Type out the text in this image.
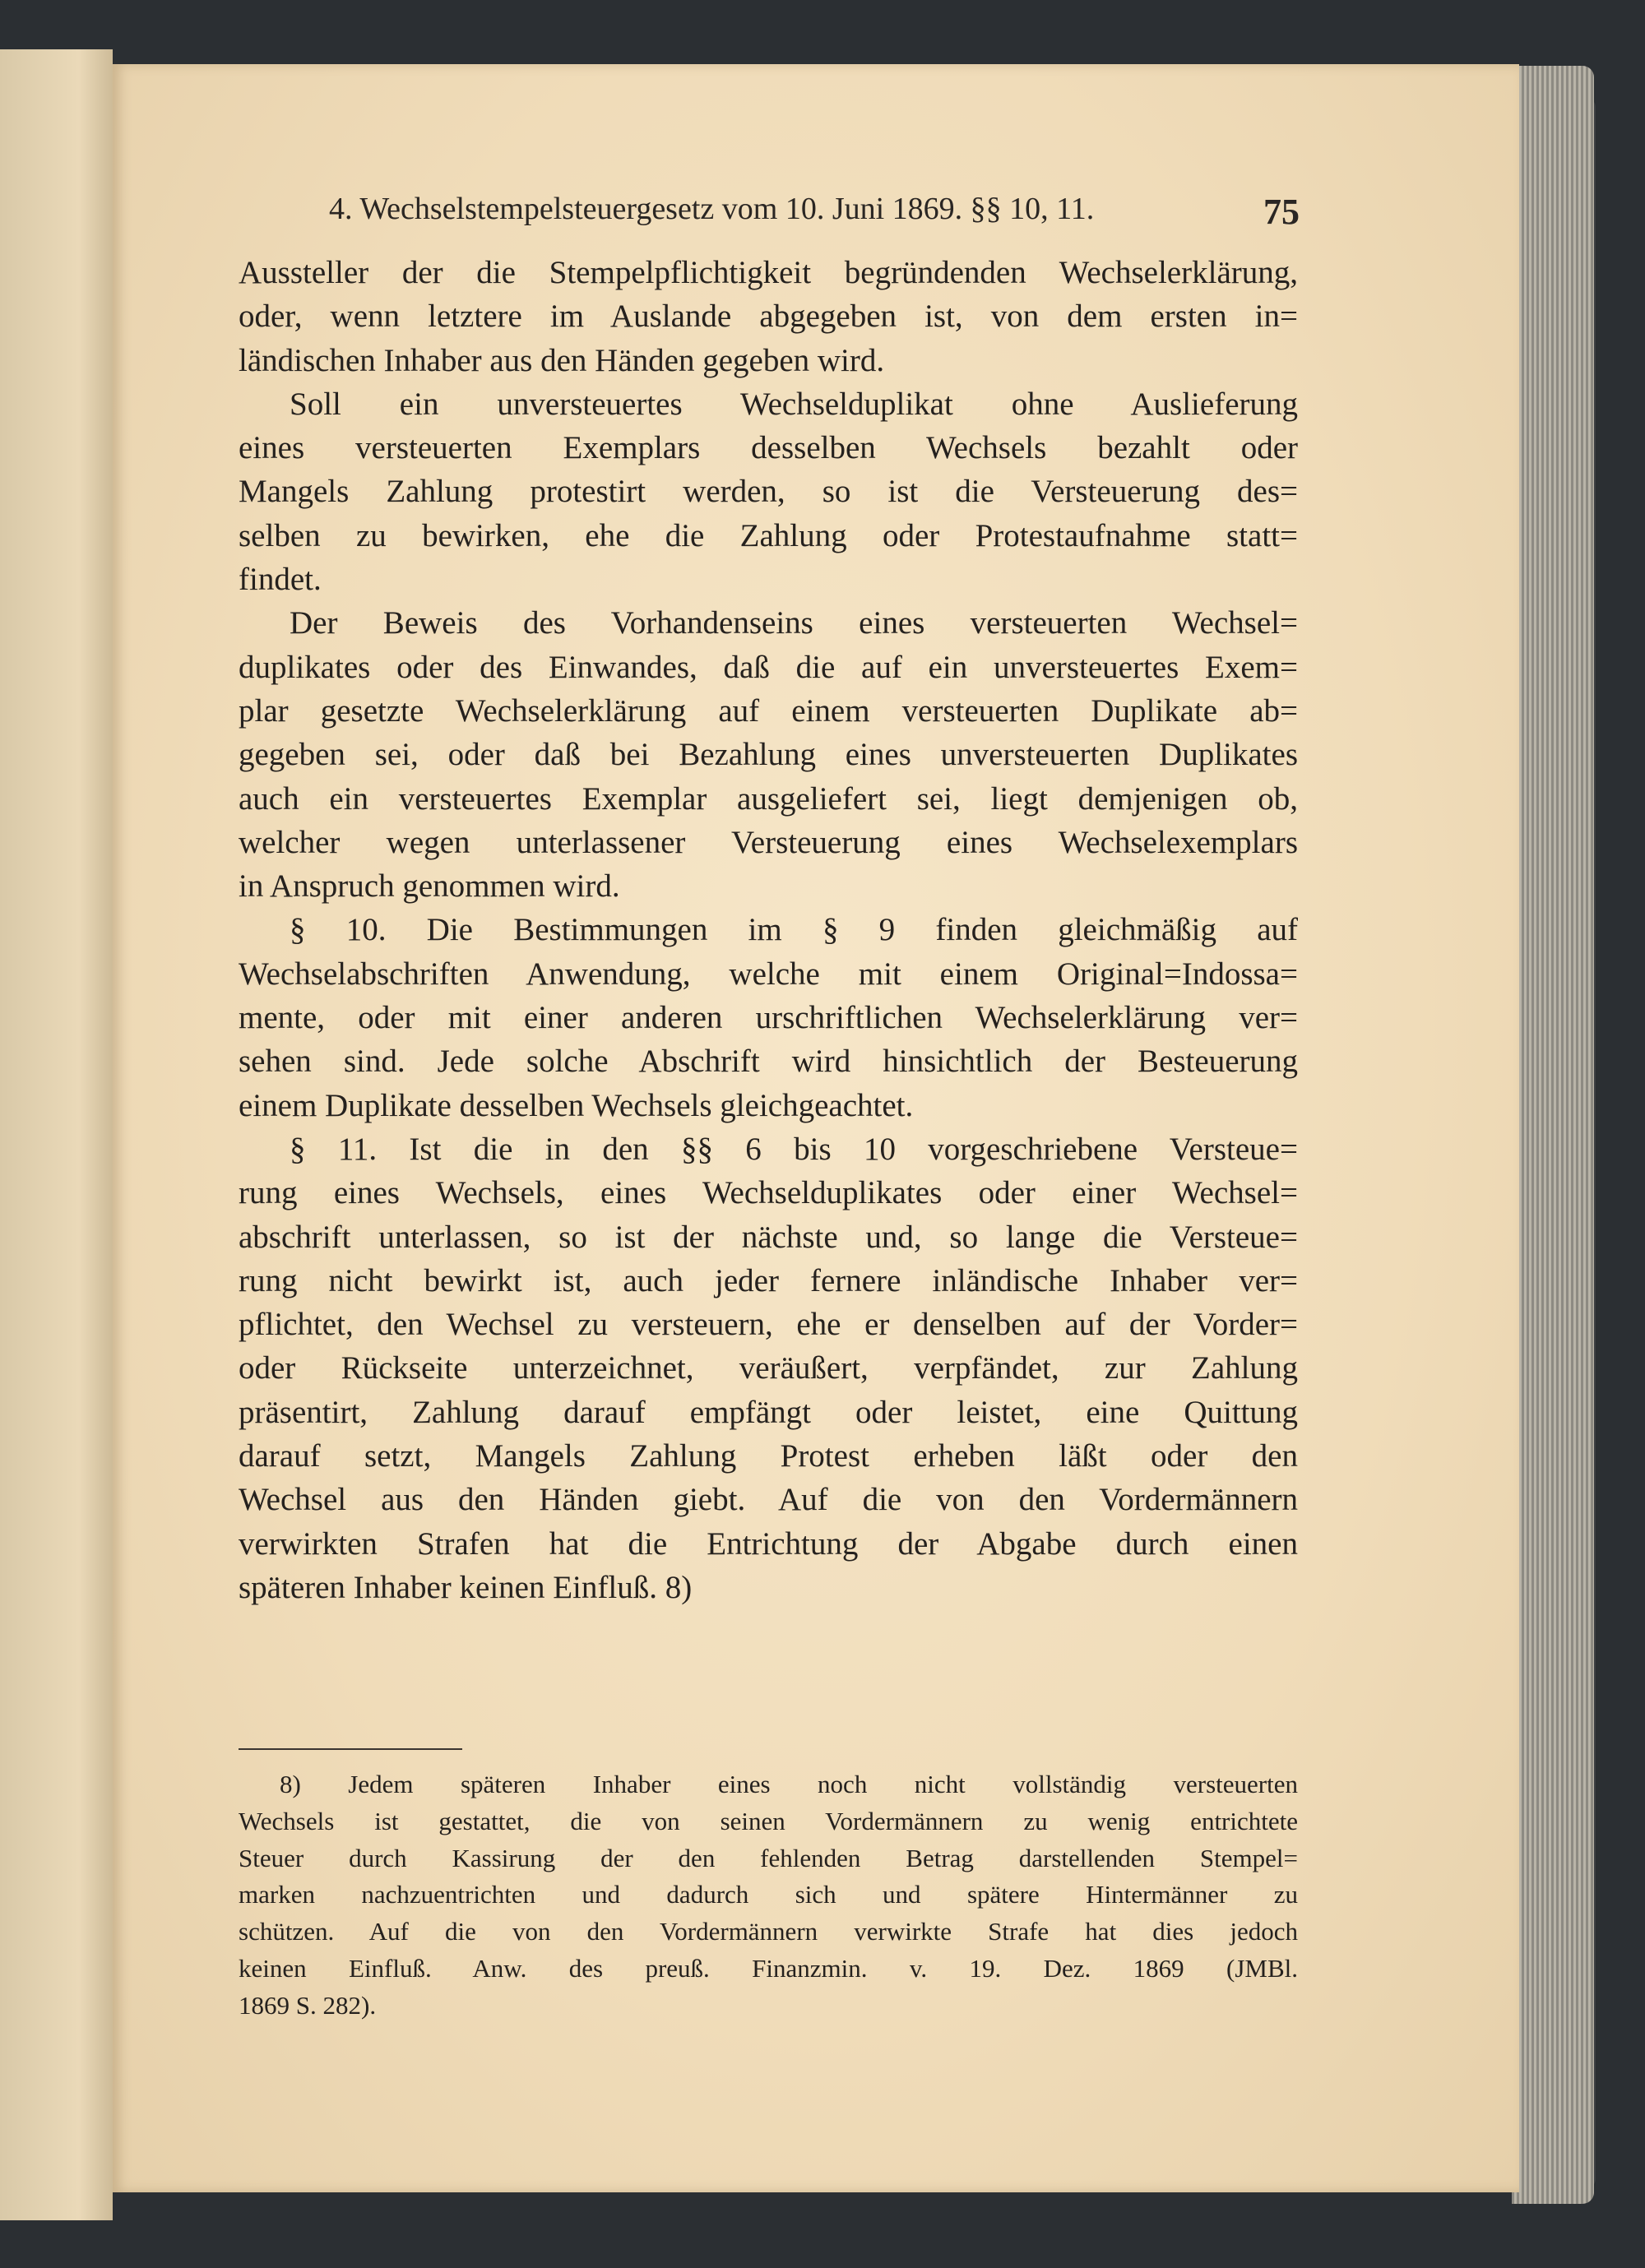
4. Wechselstempelsteuergesetz vom 10. Juni 1869. §§ 10, 11.	75
Aussteller der die Stempelpflichtigkeit begründenden Wechselerklärung,
oder, wenn letztere im Auslande abgegeben ist, von dem ersten in=
ländischen Inhaber aus den Händen gegeben wird.
Soll ein unversteuertes Wechselduplikat ohne Auslieferung
eines versteuerten Exemplars desselben Wechsels bezahlt oder
Mangels Zahlung protestirt werden, so ist die Versteuerung des=
selben zu bewirken, ehe die Zahlung oder Protestaufnahme statt=
findet.
Der Beweis des Vorhandenseins eines versteuerten Wechsel=
duplikates oder des Einwandes, daß die auf ein unversteuertes Exem=
plar gesetzte Wechselerklärung auf einem versteuerten Duplikate ab=
gegeben sei, oder daß bei Bezahlung eines unversteuerten Duplikates
auch ein versteuertes Exemplar ausgeliefert sei, liegt demjenigen ob,
welcher wegen unterlassener Versteuerung eines Wechselexemplars
in Anspruch genommen wird.
§ 10. Die Bestimmungen im § 9 finden gleichmäßig auf
Wechselabschriften Anwendung, welche mit einem Original=Indossa=
mente, oder mit einer anderen urschriftlichen Wechselerklärung ver=
sehen sind. Jede solche Abschrift wird hinsichtlich der Besteuerung
einem Duplikate desselben Wechsels gleichgeachtet.
§ 11. Ist die in den §§ 6 bis 10 vorgeschriebene Versteue=
rung eines Wechsels, eines Wechselduplikates oder einer Wechsel=
abschrift unterlassen, so ist der nächste und, so lange die Versteue=
rung nicht bewirkt ist, auch jeder fernere inländische Inhaber ver=
pflichtet, den Wechsel zu versteuern, ehe er denselben auf der Vorder=
oder Rückseite unterzeichnet, veräußert, verpfändet, zur Zahlung
präsentirt, Zahlung darauf empfängt oder leistet, eine Quittung
darauf setzt, Mangels Zahlung Protest erheben läßt oder den
Wechsel aus den Händen giebt. Auf die von den Vordermännern
verwirkten Strafen hat die Entrichtung der Abgabe durch einen
späteren Inhaber keinen Einfluß. 8)
8) Jedem späteren Inhaber eines noch nicht vollständig versteuerten
Wechsels ist gestattet, die von seinen Vordermännern zu wenig entrichtete
Steuer durch Kassirung der den fehlenden Betrag darstellenden Stempel=
marken nachzuentrichten und dadurch sich und spätere Hintermänner zu
schützen. Auf die von den Vordermännern verwirkte Strafe hat dies jedoch
keinen Einfluß. Anw. des preuß. Finanzmin. v. 19. Dez. 1869 (JMBl.
1869 S. 282).
